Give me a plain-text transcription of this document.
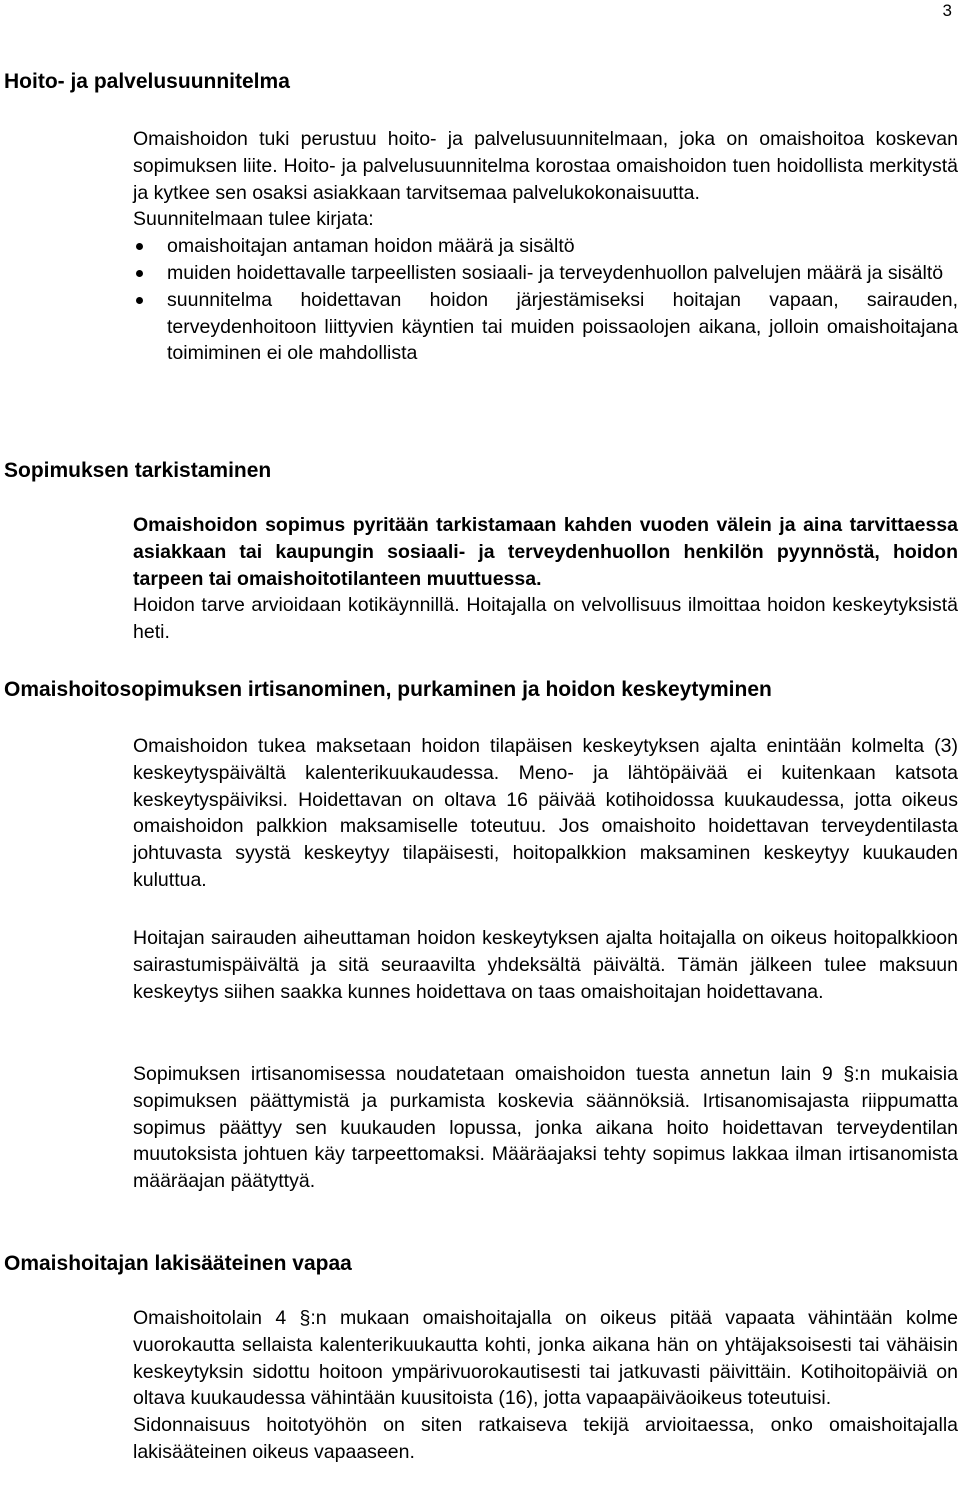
3
Hoito- ja palvelusuunnitelma

Omaishoidon tuki perustuu hoito- ja palvelusuunnitelmaan, joka on omaishoitoa koskevan sopimuksen liite. Hoito- ja palvelusuunnitelma korostaa omaishoidon tuen hoidollista merkitystä ja kytkee sen osaksi asiakkaan tarvitsemaa palvelukokonaisuutta.

Suunnitelmaan tulee kirjata:

omaishoitajan antaman hoidon määrä ja sisältö
muiden hoidettavalle tarpeellisten sosiaali- ja terveydenhuollon palvelujen määrä ja sisältö
suunnitelma hoidettavan hoidon järjestämiseksi hoitajan vapaan, sairauden, terveydenhoitoon liittyvien käyntien tai muiden poissaolojen aikana, jolloin omaishoitajana toimiminen ei ole mahdollista
Sopimuksen tarkistaminen

Omaishoidon sopimus pyritään tarkistamaan kahden vuoden välein ja aina tarvittaessa asiakkaan tai kaupungin sosiaali- ja terveydenhuollon henkilön pyynnöstä, hoidon tarpeen tai omaishoitotilanteen muuttuessa.

Hoidon tarve arvioidaan kotikäynnillä. Hoitajalla on velvollisuus ilmoittaa hoidon keskeytyksistä heti.

Omaishoitosopimuksen irtisanominen, purkaminen ja hoidon keskeytyminen

Omaishoidon tukea maksetaan hoidon tilapäisen keskeytyksen ajalta enintään kolmelta (3) keskeytyspäivältä kalenterikuukaudessa. Meno- ja lähtöpäivää ei kuitenkaan katsota keskeytyspäiviksi. Hoidettavan on oltava 16 päivää kotihoidossa kuukaudessa, jotta oikeus omaishoidon palkkion maksamiselle toteutuu. Jos omaishoito hoidettavan terveydentilasta johtuvasta syystä keskeytyy tilapäisesti, hoitopalkkion maksaminen keskeytyy kuukauden kuluttua.

Hoitajan sairauden aiheuttaman hoidon keskeytyksen ajalta hoitajalla on oikeus hoitopalkkioon sairastumispäivältä ja sitä seuraavilta yhdeksältä päivältä. Tämän jälkeen tulee maksuun keskeytys siihen saakka kunnes hoidettava on taas omaishoitajan hoidettavana.

Sopimuksen irtisanomisessa noudatetaan omaishoidon tuesta annetun lain 9 §:n mukaisia sopimuksen päättymistä ja purkamista koskevia säännöksiä. Irtisanomisajasta riippumatta sopimus päättyy sen kuukauden lopussa, jonka aikana hoito hoidettavan terveydentilan muutoksista johtuen käy tarpeettomaksi. Määräajaksi tehty sopimus lakkaa ilman irtisanomista määräajan päätyttyä.

Omaishoitajan lakisääteinen vapaa

Omaishoitolain 4 §:n mukaan omaishoitajalla on oikeus pitää vapaata vähintään kolme vuorokautta sellaista kalenterikuukautta kohti, jonka aikana hän on yhtäjaksoisesti tai vähäisin keskeytyksin sidottu hoitoon ympärivuorokautisesti tai jatkuvasti päivittäin. Kotihoitopäiviä on oltava kuukaudessa vähintään kuusitoista (16), jotta vapaapäiväoikeus toteutuisi.

Sidonnaisuus hoitotyöhön on siten ratkaiseva tekijä arvioitaessa, onko omaishoitajalla lakisääteinen oikeus vapaaseen.
